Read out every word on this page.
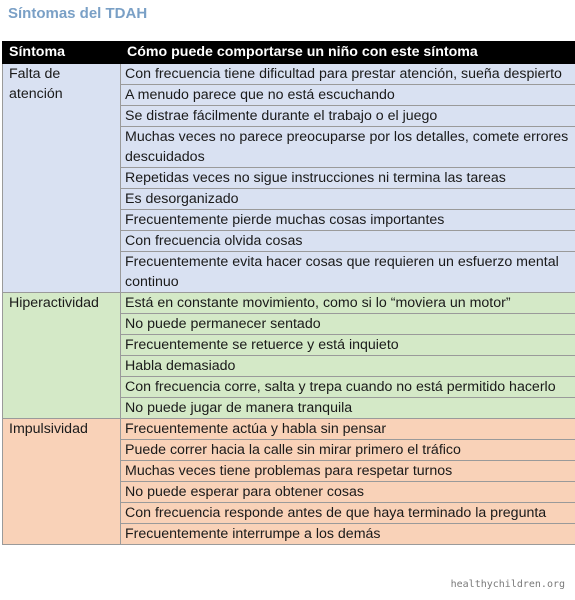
Síntomas del TDAH
Síntoma	Cómo puede comportarse un niño con este síntoma
Falta de atención	Con frecuencia tiene dificultad para prestar atención, sueña despierto
	A menudo parece que no está escuchando
	Se distrae fácilmente durante el trabajo o el juego
	Muchas veces no parece preocuparse por los detalles, comete errores descuidados
	Repetidas veces no sigue instrucciones ni termina las tareas
	Es desorganizado
	Frecuentemente pierde muchas cosas importantes
	Con frecuencia olvida cosas
	Frecuentemente evita hacer cosas que requieren un esfuerzo mental continuo
Hiperactividad	Está en constante movimiento, como si lo “moviera un motor”
	No puede permanecer sentado
	Frecuentemente se retuerce y está inquieto
	Habla demasiado
	Con frecuencia corre, salta y trepa cuando no está permitido hacerlo
	No puede jugar de manera tranquila
Impulsividad	Frecuentemente actúa y habla sin pensar
	Puede correr hacia la calle sin mirar primero el tráfico
	Muchas veces tiene problemas para respetar turnos
	No puede esperar para obtener cosas
	Con frecuencia responde antes de que haya terminado la pregunta
	Frecuentemente interrumpe a los demás
healthychildren.org
